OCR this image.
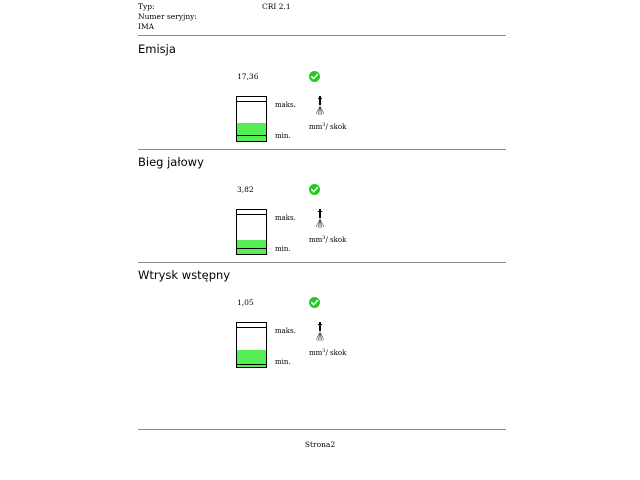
Typ:	CRI 2.1
Numer seryjny:
IMA
Emisja
17,36
maks.
min.
$mm^3/$ skok
Bieg jałowy
3,82
maks.
min.
$mm^3/$ skok
Wtrysk wstępny
1,05
maks.
min.
$mm^3/$ skok
Strona2
